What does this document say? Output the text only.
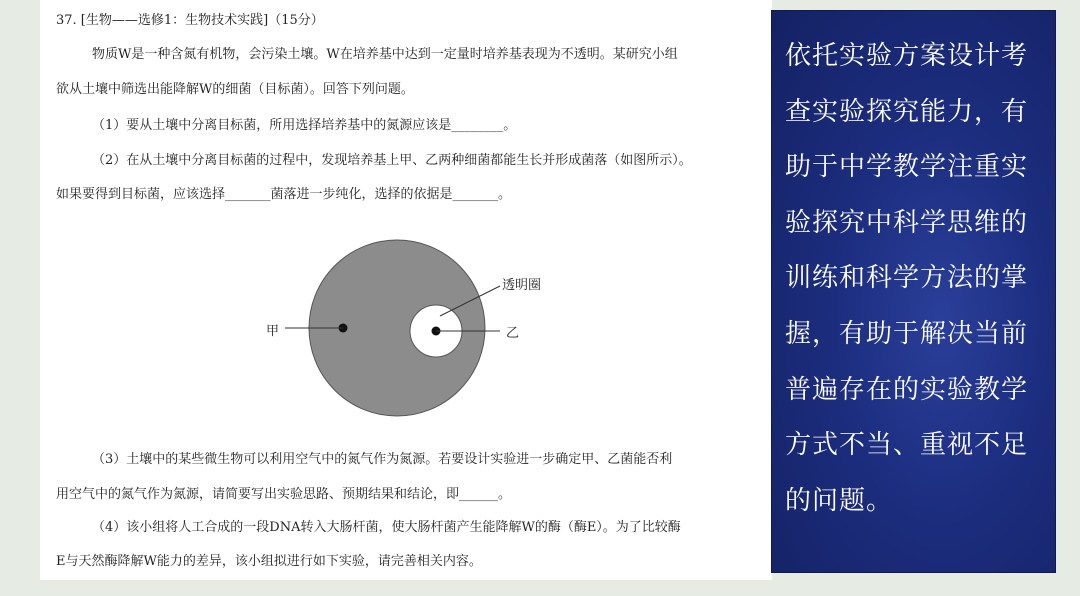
37. [生物——选修1：生物技术实践]（15分）
物质W是一种含氮有机物，会污染土壤。W在培养基中达到一定量时培养基表现为不透明。某研究小组
欲从土壤中筛选出能降解W的细菌（目标菌）。回答下列问题。
（1）要从土壤中分离目标菌，所用选择培养基中的氮源应该是________。
（2）在从土壤中分离目标菌的过程中，发现培养基上甲、乙两种细菌都能生长并形成菌落（如图所示）。
如果要得到目标菌，应该选择_______菌落进一步纯化，选择的依据是_______。
甲	乙
透明圈
（3）土壤中的某些微生物可以利用空气中的氮气作为氮源。若要设计实验进一步确定甲、乙菌能否利
用空气中的氮气作为氮源，请简要写出实验思路、预期结果和结论，即______。
（4）该小组将人工合成的一段DNA转入大肠杆菌，使大肠杆菌产生能降解W的酶（酶E）。为了比较酶
E与天然酶降解W能力的差异，该小组拟进行如下实验，请完善相关内容。
依托实验方案设计考查实验探究能力，有助于中学教学注重实验探究中科学思维的训练和科学方法的掌握，有助于解决当前普遍存在的实验教学方式不当、重视不足的问题。
